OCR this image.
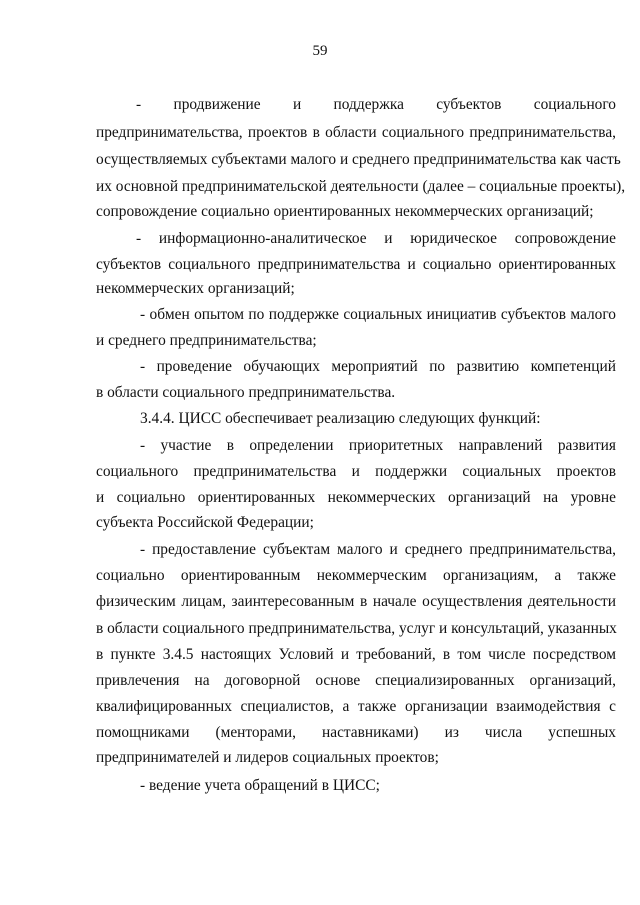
59
- продвижение и поддержка субъектов социального
предпринимательства, проектов в области социального предпринимательства,
осуществляемых субъектами малого и среднего предпринимательства как часть
их основной предпринимательской деятельности (далее – социальные проекты),
сопровождение социально ориентированных некоммерческих организаций;
- информационно-аналитическое и юридическое сопровождение
субъектов социального предпринимательства и социально ориентированных
некоммерческих организаций;
- обмен опытом по поддержке социальных инициатив субъектов малого
и среднего предпринимательства;
- проведение обучающих мероприятий по развитию компетенций
в области социального предпринимательства.
3.4.4. ЦИСС обеспечивает реализацию следующих функций:
- участие в определении приоритетных направлений развития
социального предпринимательства и поддержки социальных проектов
и социально ориентированных некоммерческих организаций на уровне
субъекта Российской Федерации;
- предоставление субъектам малого и среднего предпринимательства,
социально ориентированным некоммерческим организациям, а также
физическим лицам, заинтересованным в начале осуществления деятельности
в области социального предпринимательства, услуг и консультаций, указанных
в пункте 3.4.5 настоящих Условий и требований, в том числе посредством
привлечения на договорной основе специализированных организаций,
квалифицированных специалистов, а также организации взаимодействия с
помощниками (менторами, наставниками) из числа успешных
предпринимателей и лидеров социальных проектов;
- ведение учета обращений в ЦИСС;
